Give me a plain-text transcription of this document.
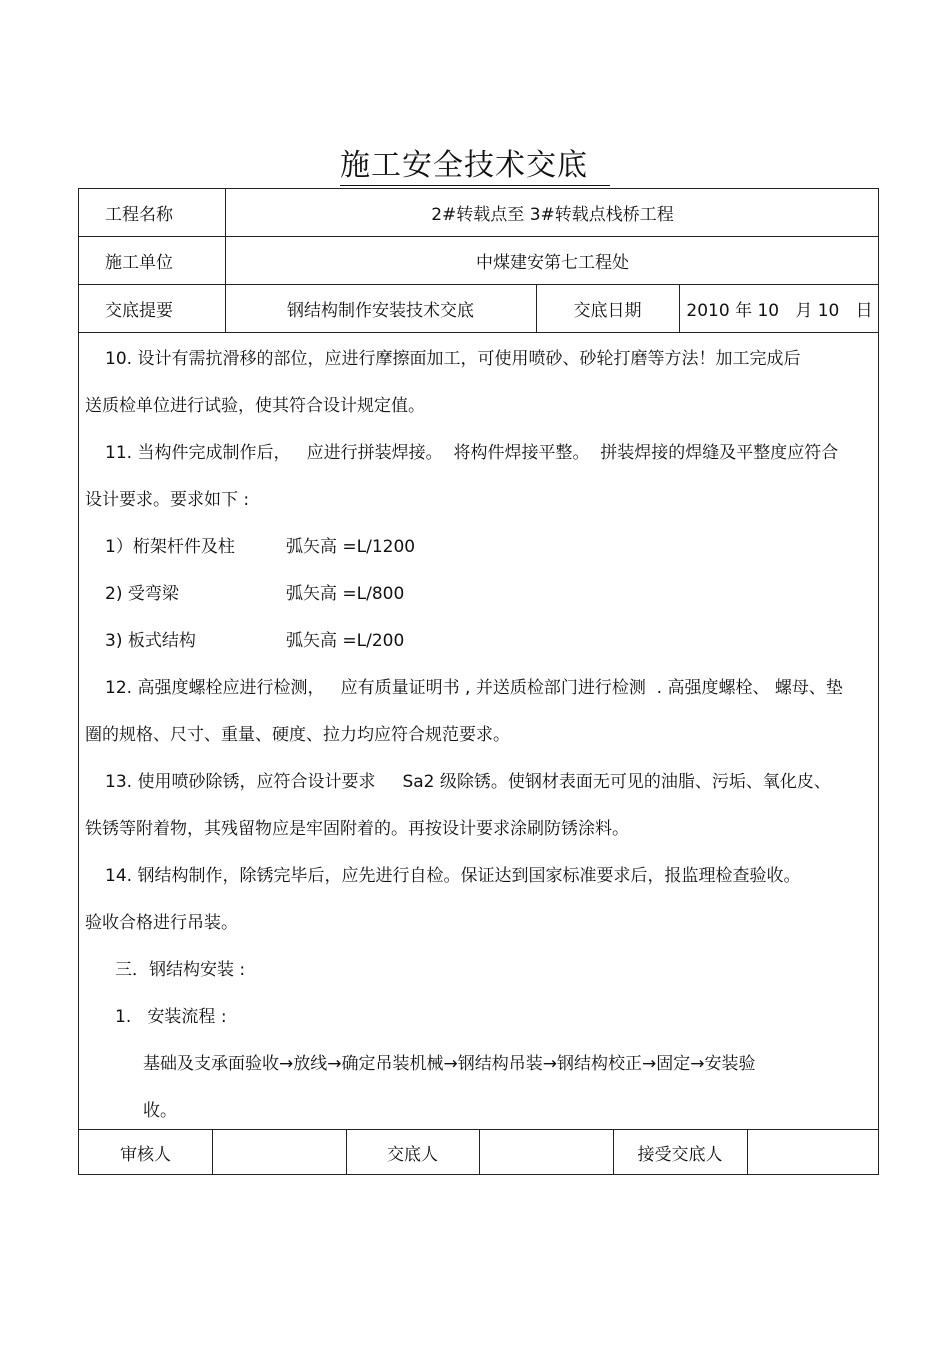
施工安全技术交底
工程名称	2#转载点至 3#转载点栈桥工程
施工单位	中煤建安第七工程处
交底提要	钢结构制作安装技术交底	交底日期	2010 年 10   月 10   日
10. 设计有需抗滑移的部位，应进行摩擦面加工，可使用喷砂、砂轮打磨等方法！加工完成后
送质检单位进行试验，使其符合设计规定值。
11. 当构件完成制作后，   应进行拼装焊接。  将构件焊接平整。  拼装焊接的焊缝及平整度应符合
设计要求。要求如下 :
1）桁架杆件及柱	弧矢高 =L/1200
2) 受弯梁	弧矢高 =L/800
3) 板式结构	弧矢高 =L/200
12. 高强度螺栓应进行检测，   应有质量证明书 , 并送质检部门进行检测  . 高强度螺栓、 螺母、垫
圈的规格、尺寸、重量、硬度、拉力均应符合规范要求。
13. 使用喷砂除锈，应符合设计要求     Sa2 级除锈。使钢材表面无可见的油脂、污垢、氧化皮、
铁锈等附着物，其残留物应是牢固附着的。再按设计要求涂刷防锈涂料。
14. 钢结构制作，除锈完毕后，应先进行自检。保证达到国家标准要求后，报监理检查验收。
验收合格进行吊装。
三．钢结构安装 :
1.   安装流程 :
基础及支承面验收→放线→确定吊装机械→钢结构吊装→钢结构校正→固定→安装验
收。
审核人	交底人	接受交底人
